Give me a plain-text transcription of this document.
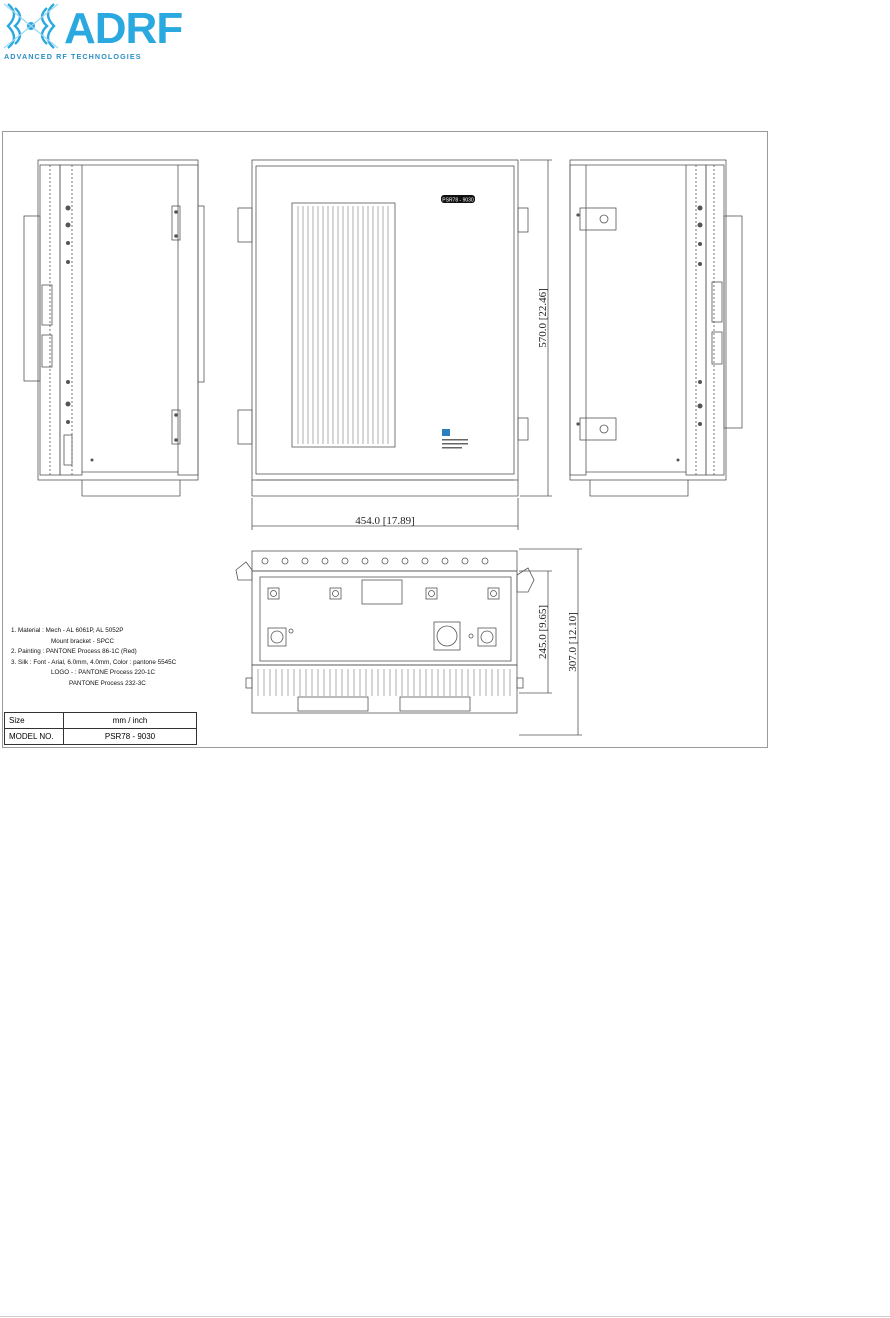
ADRF
ADVANCED RF TECHNOLOGIES
454.0 [17.89]
570.0 [22.46]
245.0 [9.65] 307.0 [12.10]
PSR78 - 9030
1. Material : Mech - AL 6061P, AL 5052P
Mount bracket - SPCC
2. Painting : PANTONE Process 86-1C (Red)
3. Silk : Font - Arial, 6.0mm, 4.0mm, Color : pantone 5545C
LOGO - : PANTONE Process 220-1C
PANTONE Process 232-3C
Size	mm / inch
MODEL NO.	PSR78 - 9030
